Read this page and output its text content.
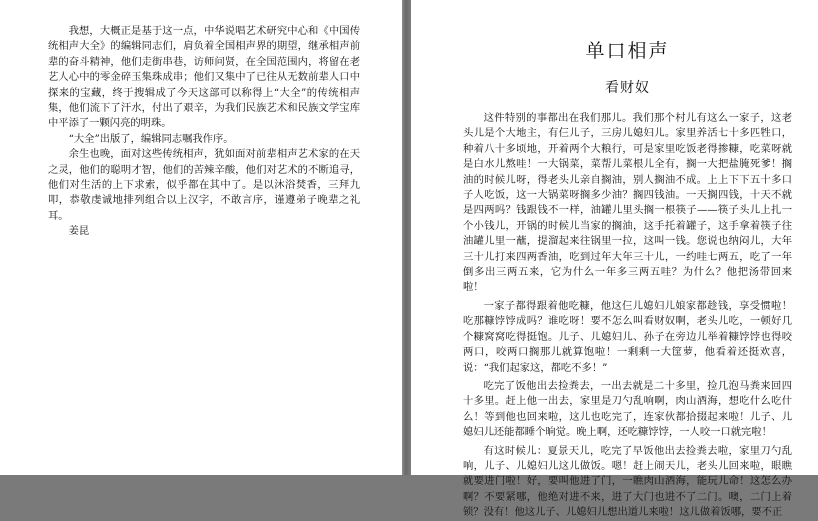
我想，大概正是基于这一点，中华说唱艺术研究中心和《中国传统相声大全》的编辑同志们，肩负着全国相声界的期望，继承相声前辈的奋斗精神，他们走街串巷，访师问贤，在全国范围内，将留在老艺人心中的零金碎玉集珠成串；他们又集中了已往从无数前辈人口中探来的宝藏，终于搜辑成了今天这部可以称得上“大全”的传统相声集，他们流下了汗水，付出了艰辛，为我们民族艺术和民族文学宝库中平添了一颗闪亮的明珠。

“大全”出版了，编辑同志嘱我作序。

余生也晚，面对这些传统相声，犹如面对前辈相声艺术家的在天之灵，他们的聪明才智，他们的苦辣辛酸，他们对艺术的不断追寻，他们对生活的上下求索，似乎都在其中了。是以沐浴焚香，三拜九叩，恭敬虔诚地排列组合以上汉字，不敢言序，谨遵弟子晚辈之礼耳。

姜昆

单口相声
看财奴

这件特别的事都出在我们那儿。我们那个村儿有这么一家子，这老头儿是个大地主，有仨儿子，三房儿媳妇儿。家里养活七十多匹牲口，种着八十多顷地，开着两个大粮行，可是家里吃饭老得掺糠，吃菜呀就是白水儿熬哇！一大锅菜，菜帮儿菜根儿全有，搁一大把盐腌死爹！搁油的时候儿呀，得老头儿亲自搁油，别人搁油不成。上上下下五十多口子人吃饭，这一大锅菜呀搁多少油？搁四钱油。一天搁四钱，十天不就是四两吗？钱跟钱不一样，油罐儿里头搁一根筷子——筷子头儿上扎一个小钱儿，开锅的时候儿当家的搁油，这手托着罐子，这手拿着筷子往油罐儿里一蘸，提溜起来往锅里一拉，这叫一钱。您说也纳闷儿，大年三十儿打来四两香油，吃到过年大年三十儿，一约哇七两五，吃了一年倒多出三两五来，它为什么一年多三两五哇？为什么？他把汤带回来啦！

一家子都得跟着他吃糠，他这仨儿媳妇儿娘家都趁钱，享受惯啦！吃那糠饽饽成吗？谁吃呀！要不怎么叫看财奴啊，老头儿吃，一顿好几个糠窝窝吃得挺饱。儿子、儿媳妇儿、孙子在旁边儿举着糠饽饽也得咬两口，咬两口搁那儿就算饱啦！一剩剩一大筐萝，他看着还挺欢喜，说：“我们起家这，都吃不多！”

吃完了饭他出去捡粪去，一出去就是二十多里，捡几泡马粪来回四十多里。赶上他一出去，家里是刀勺乱响啊，肉山酒海，想吃什么吃什么！等到他也回来啦，这儿也吃完了，连家伙都拾掇起来啦！儿子、儿媳妇儿还能都睡个晌觉。晚上啊，还吃糠饽饽，一人咬一口就完啦！

有这时候儿：夏景天儿，吃完了早饭他出去捡粪去啦，家里刀勺乱响，儿子、儿媳妇儿这儿做饭。嗯！赶上闹天儿，老头儿回来啦，眼瞧就要进门啦！好，要叫他进了门，一瞧肉山酒海，能玩儿命！这怎么办啊？不要紧哪，他绝对进不来，进了大门也进不了二门。噢，二门上着锁？没有！他这儿子、儿媳妇儿想出道儿来啦！这儿做着饭哪，要不正
